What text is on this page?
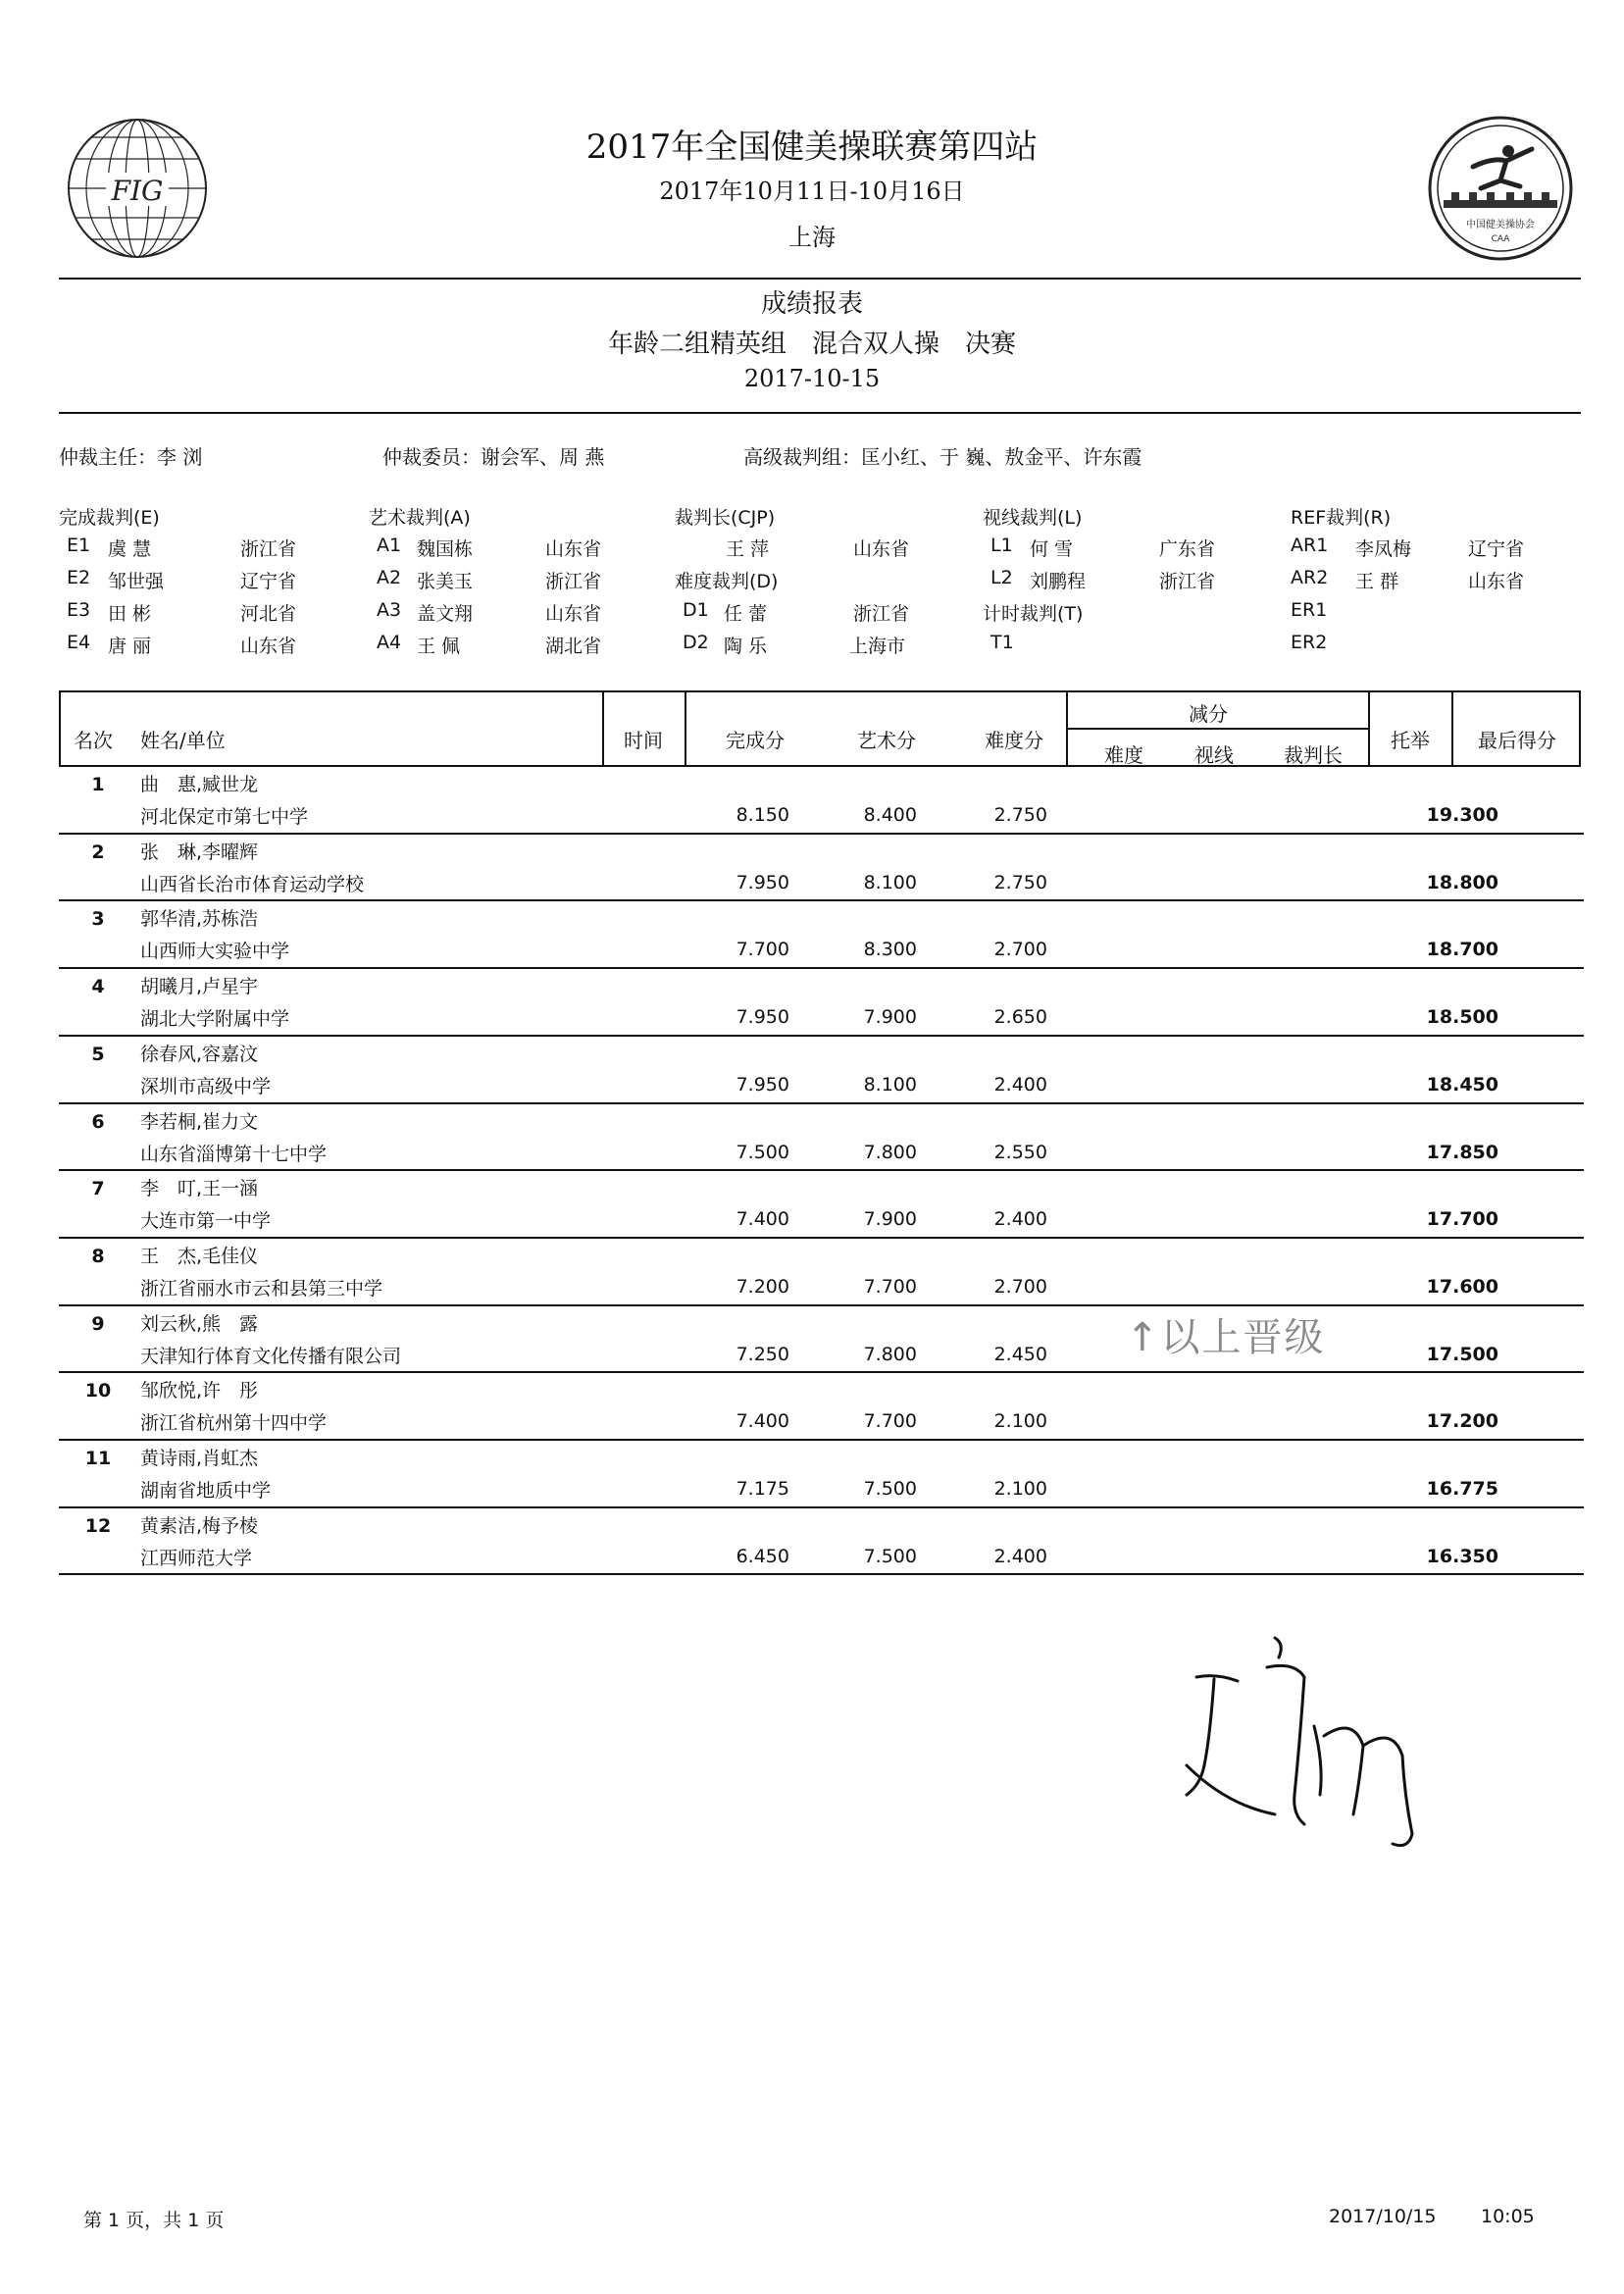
FIG
中国健美操协会
CAA
2017年全国健美操联赛第四站
2017年10月11日-10月16日
上海
成绩报表
年龄二组精英组　混合双人操　决赛
2017-10-15
仲裁主任：李 浏	仲裁委员：谢会军、周 燕	高级裁判组：匡小红、于 巍、敖金平、许东霞
完成裁判(E)
E1 虞 慧	浙江省
E2 邹世强	辽宁省
E3 田 彬	河北省
E4 唐 丽	山东省
艺术裁判(A)
A1 魏国栋	山东省
A2 张美玉	浙江省
A3 盖文翔	山东省
A4 王 佩	湖北省
裁判长(CJP)
王 萍	山东省
难度裁判(D)
D1 任 蕾	浙江省
D2 陶 乐	上海市
视线裁判(L)
L1 何 雪	广东省
L2 刘鹏程	浙江省
计时裁判(T)
T1
REF裁判(R)
AR1 李凤梅	辽宁省
AR2 王 群	山东省
ER1
ER2
名次 姓名/单位	时间	完成分	艺术分	难度分
减分
难度	视线	裁判长
托举 最后得分
1	曲　惠,臧世龙
河北保定市第七中学	8.150	8.400	2.750	19.300
2	张　琳,李曜辉
山西省长治市体育运动学校	7.950	8.100	2.750	18.800
3	郭华清,苏栋浩
山西师大实验中学	7.700	8.300	2.700	18.700
4	胡曦月,卢星宇
湖北大学附属中学	7.950	7.900	2.650	18.500
5	徐春风,容嘉汶
深圳市高级中学	7.950	8.100	2.400	18.450
6	李若桐,崔力文
山东省淄博第十七中学	7.500	7.800	2.550	17.850
7	李　叮,王一涵
大连市第一中学	7.400	7.900	2.400	17.700
8	王　杰,毛佳仪
浙江省丽水市云和县第三中学	7.200	7.700	2.700	17.600
9	刘云秋,熊　露
天津知行体育文化传播有限公司	7.250	7.800	2.450	17.500
10	邹欣悦,许　彤
浙江省杭州第十四中学	7.400	7.700	2.100	17.200
11	黄诗雨,肖虹杰
湖南省地质中学	7.175	7.500	2.100	16.775
12	黄素洁,梅予棱
江西师范大学	6.450	7.500	2.400	16.350
↑以上晋级
第 1 页，共 1 页	2017/10/15 10:05
